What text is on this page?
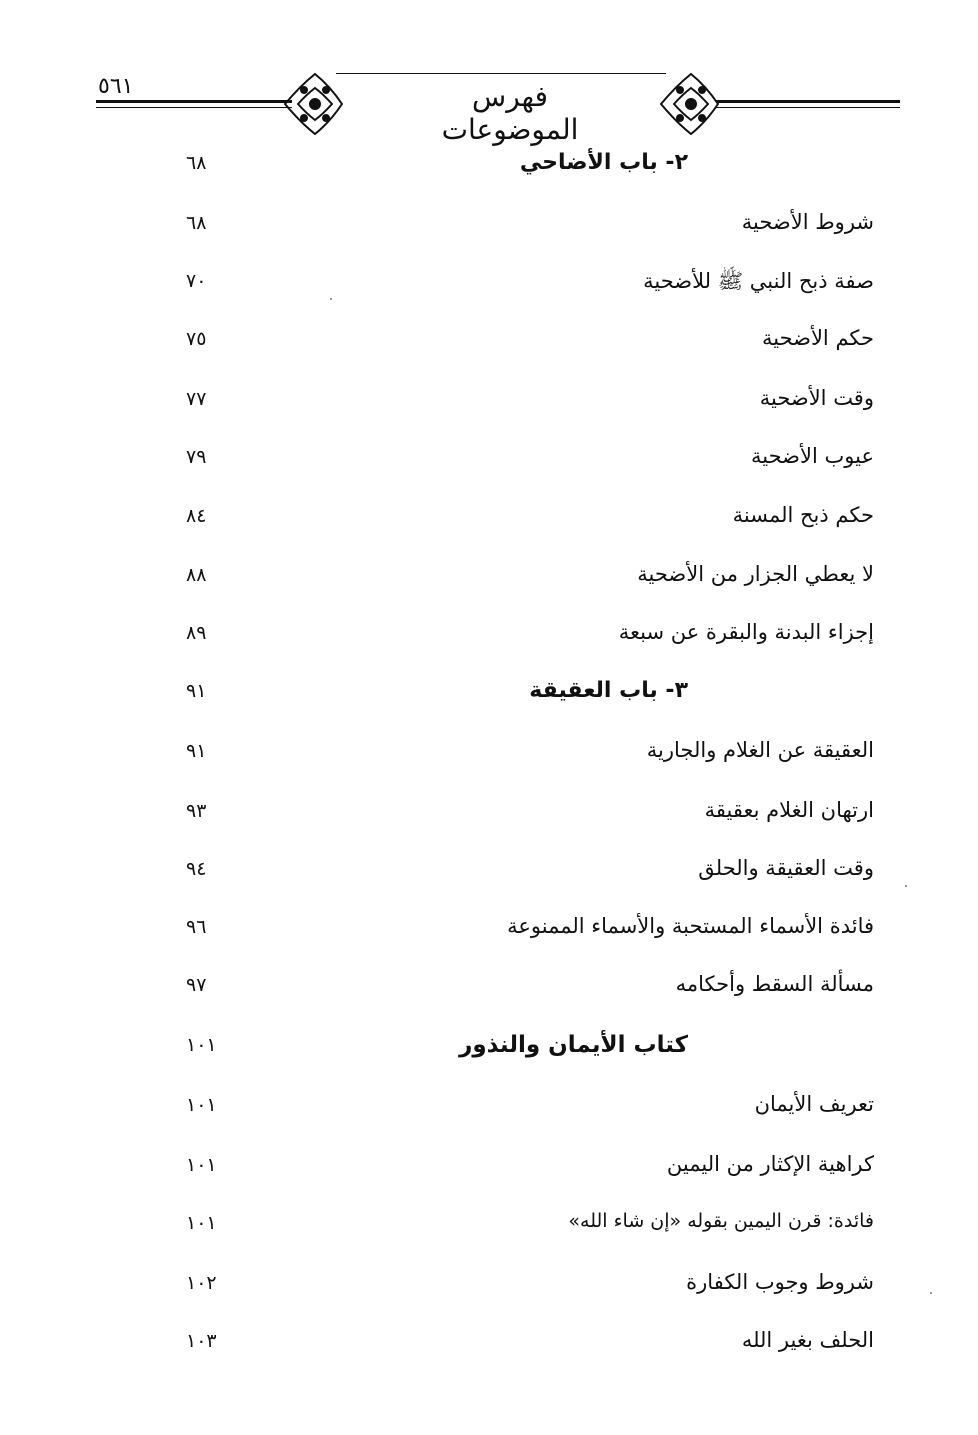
٥٦١	فهرس الموضوعات
٢- باب الأضاحي
٦٨
شروط الأضحية
٦٨
صفة ذبح النبي ﷺ للأضحية
٧٠
حكم الأضحية
٧٥
وقت الأضحية
٧٧
عيوب الأضحية
٧٩
حكم ذبح المسنة
٨٤
لا يعطي الجزار من الأضحية
٨٨
إجزاء البدنة والبقرة عن سبعة
٨٩
٣- باب العقيقة
٩١
العقيقة عن الغلام والجارية
٩١
ارتهان الغلام بعقيقة
٩٣
وقت العقيقة والحلق
٩٤
فائدة الأسماء المستحبة والأسماء الممنوعة
٩٦
مسألة السقط وأحكامه
٩٧
كتاب الأيمان والنذور
١٠١
تعريف الأيمان
١٠١
كراهية الإكثار من اليمين
١٠١
فائدة: قرن اليمين بقوله «إن شاء الله»
١٠١
شروط وجوب الكفارة
١٠٢
الحلف بغير الله
١٠٣
